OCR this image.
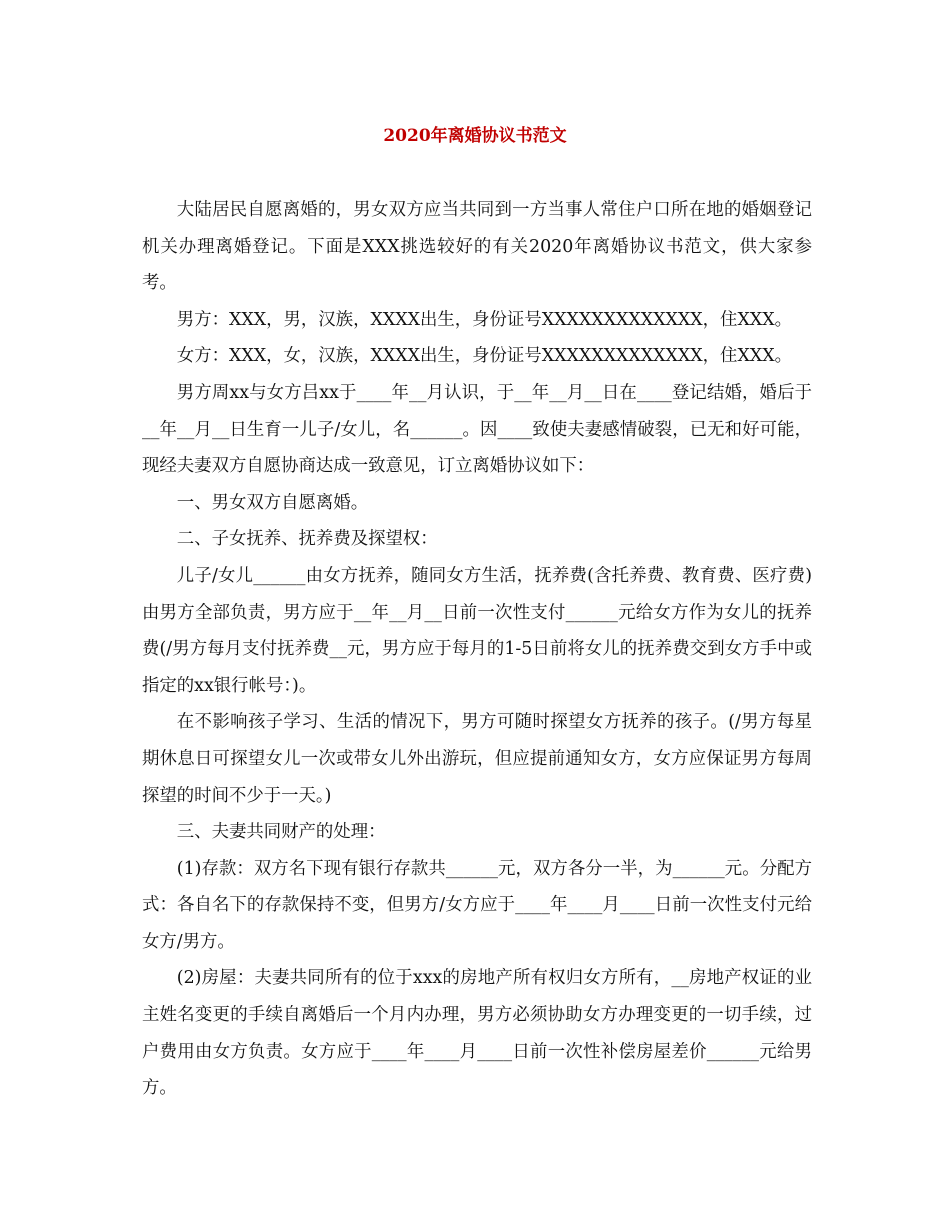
2020年离婚协议书范文

大陆居民自愿离婚的，男女双方应当共同到一方当事人常住户口所在地的婚姻登记机关办理离婚登记。下面是XXX挑选较好的有关2020年离婚协议书范文，供大家参考。

男方：XXX，男，汉族，XXXX出生，身份证号XXXXXXXXXXXXX，住XXX。

女方：XXX，女，汉族，XXXX出生，身份证号XXXXXXXXXXXXX，住XXX。

男方周xx与女方吕xx于____年__月认识，于__年__月__日在____登记结婚，婚后于__年__月__日生育一儿子/女儿，名______。因____致使夫妻感情破裂，已无和好可能，现经夫妻双方自愿协商达成一致意见，订立离婚协议如下：

一、男女双方自愿离婚。

二、子女抚养、抚养费及探望权：

儿子/女儿______由女方抚养，随同女方生活，抚养费(含托养费、教育费、医疗费)由男方全部负责，男方应于__年__月__日前一次性支付______元给女方作为女儿的抚养费(/男方每月支付抚养费__元，男方应于每月的1-5日前将女儿的抚养费交到女方手中或指定的xx银行帐号：)。

在不影响孩子学习、生活的情况下，男方可随时探望女方抚养的孩子。(/男方每星期休息日可探望女儿一次或带女儿外出游玩，但应提前通知女方，女方应保证男方每周探望的时间不少于一天。)

三、夫妻共同财产的处理：

(1)存款：双方名下现有银行存款共______元，双方各分一半，为______元。分配方式：各自名下的存款保持不变，但男方/女方应于____年____月____日前一次性支付元给女方/男方。

(2)房屋：夫妻共同所有的位于xxx的房地产所有权归女方所有，__房地产权证的业主姓名变更的手续自离婚后一个月内办理，男方必须协助女方办理变更的一切手续，过户费用由女方负责。女方应于____年____月____日前一次性补偿房屋差价______元给男方。
